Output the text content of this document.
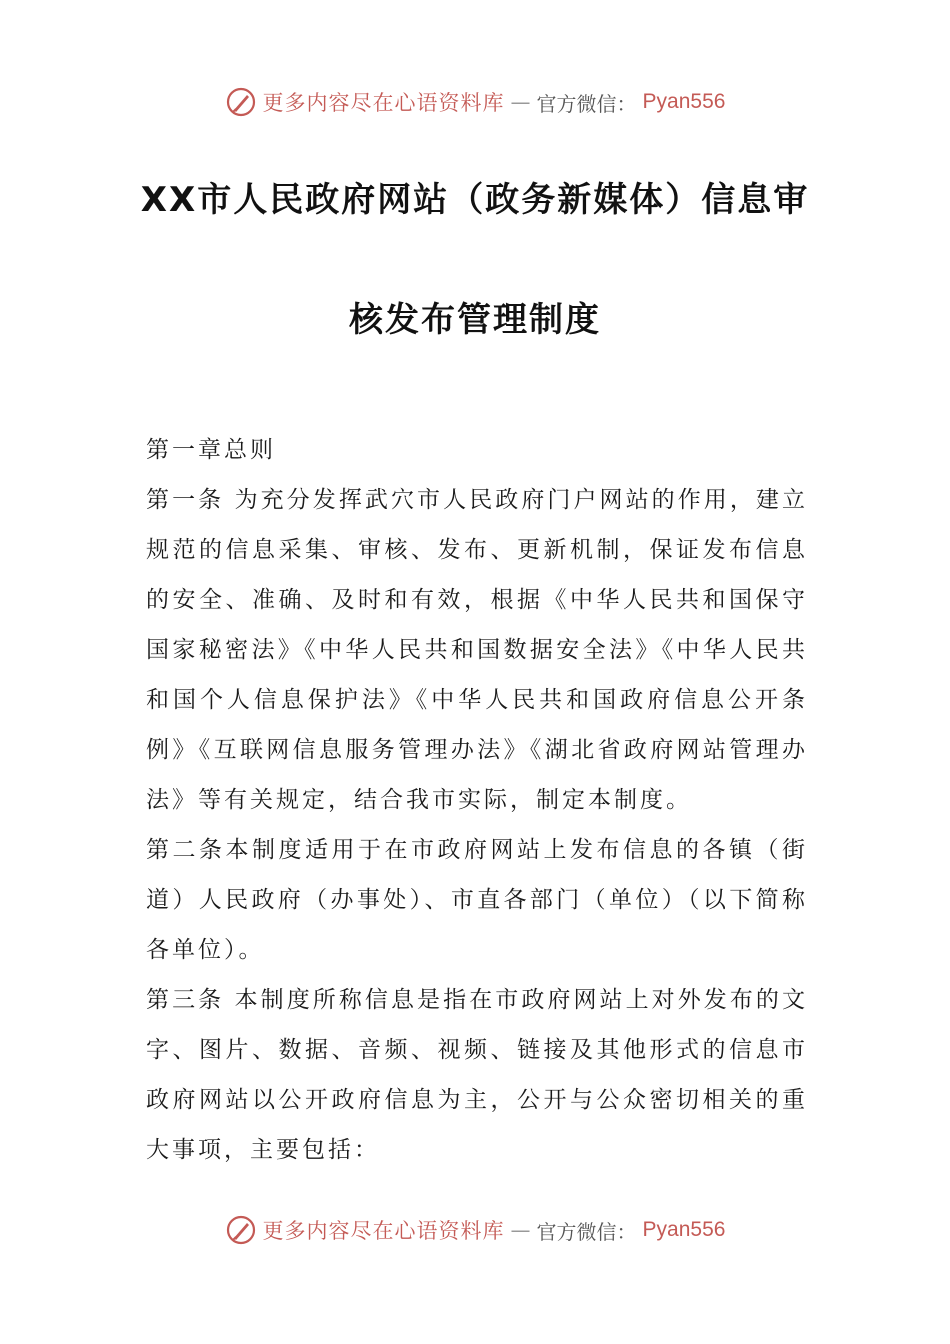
更多内容尽在心语资料库 — 官方微信： Pyan556
XX市人民政府网站（政务新媒体）信息审
核发布管理制度

第一章总则

第一条 为充分发挥武穴市人民政府门户网站的作用，建立规范的信息采集、审核、发布、更新机制，保证发布信息的安全、准确、及时和有效，根据《中华人民共和国保守国家秘密法》《中华人民共和国数据安全法》《中华人民共和国个人信息保护法》《中华人民共和国政府信息公开条例》《互联网信息服务管理办法》《湖北省政府网站管理办法》等有关规定，结合我市实际，制定本制度。

第二条本制度适用于在市政府网站上发布信息的各镇（街道）人民政府（办事处）、市直各部门（单位）（以下简称各单位）。

第三条 本制度所称信息是指在市政府网站上对外发布的文字、图片、数据、音频、视频、链接及其他形式的信息市政府网站以公开政府信息为主，公开与公众密切相关的重大事项，主要包括：

更多内容尽在心语资料库 — 官方微信： Pyan556
